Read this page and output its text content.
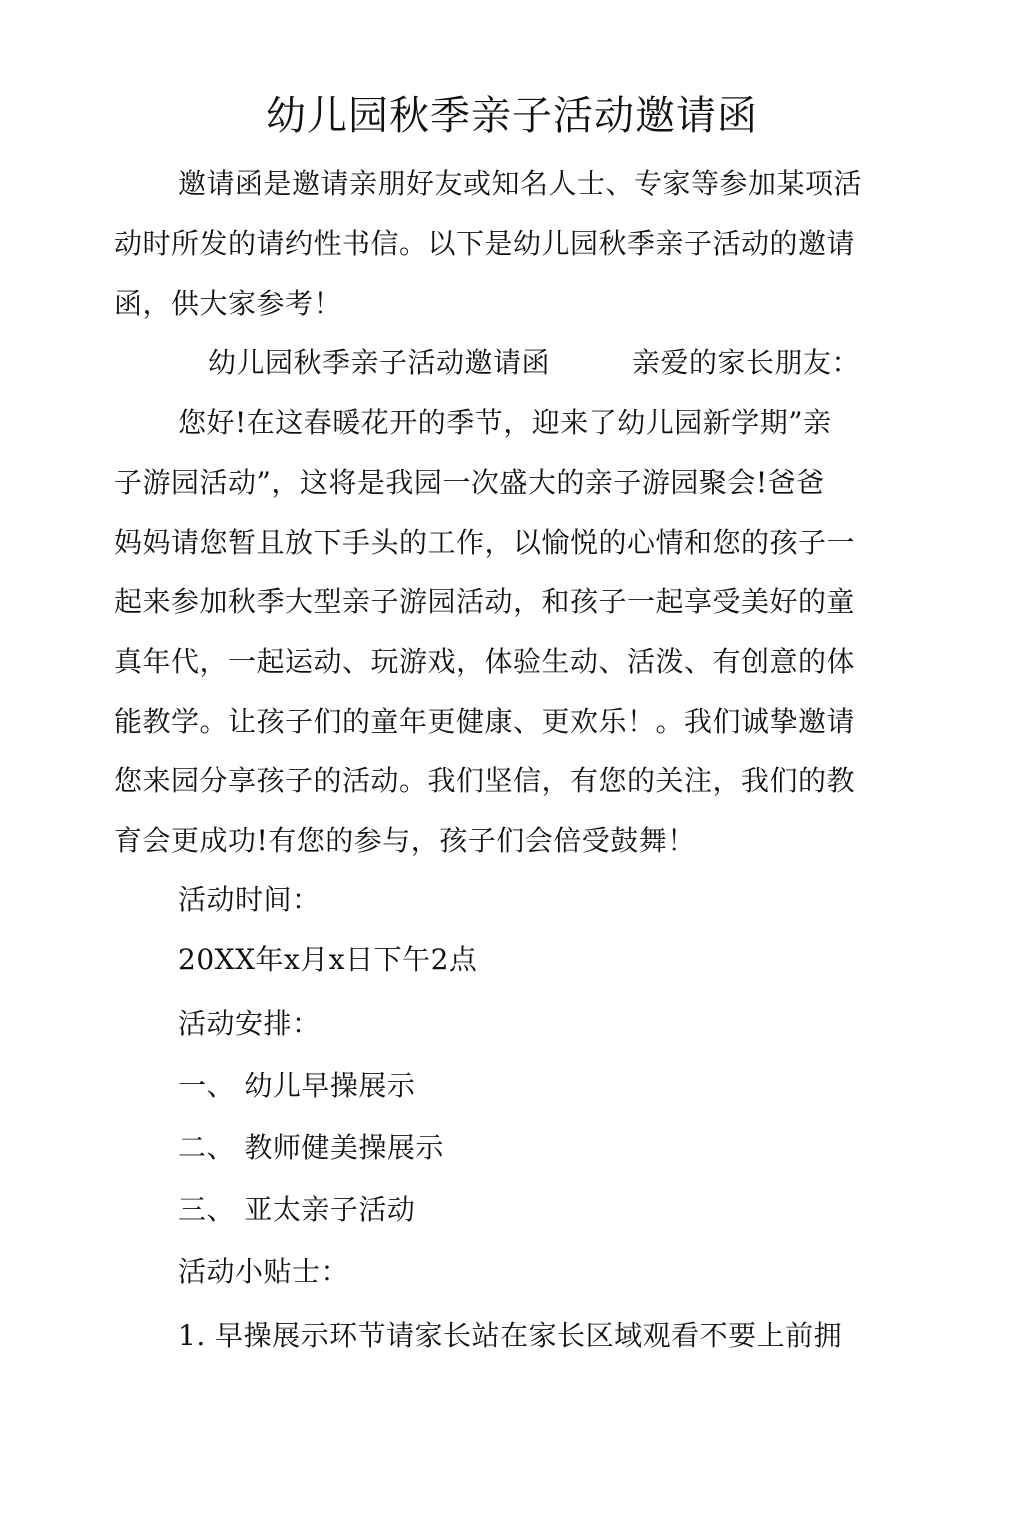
幼儿园秋季亲子活动邀请函
邀请函是邀请亲朋好友或知名人士、专家等参加某项活
动时所发的请约性书信。以下是幼儿园秋季亲子活动的邀请
函，供大家参考！
幼儿园秋季亲子活动邀请函	亲爱的家长朋友：
您好!在这春暖花开的季节，迎来了幼儿园新学期”亲
子游园活动”，这将是我园一次盛大的亲子游园聚会!爸爸
妈妈请您暂且放下手头的工作，以愉悦的心情和您的孩子一
起来参加秋季大型亲子游园活动，和孩子一起享受美好的童
真年代，一起运动、玩游戏，体验生动、活泼、有创意的体
能教学。让孩子们的童年更健康、更欢乐！。我们诚挚邀请
您来园分享孩子的活动。我们坚信，有您的关注，我们的教
育会更成功!有您的参与，孩子们会倍受鼓舞！
活动时间：
20XX年x月x日下午2点
活动安排：
一、 幼儿早操展示
二、 教师健美操展示
三、 亚太亲子活动
活动小贴士：
1. 早操展示环节请家长站在家长区域观看不要上前拥
